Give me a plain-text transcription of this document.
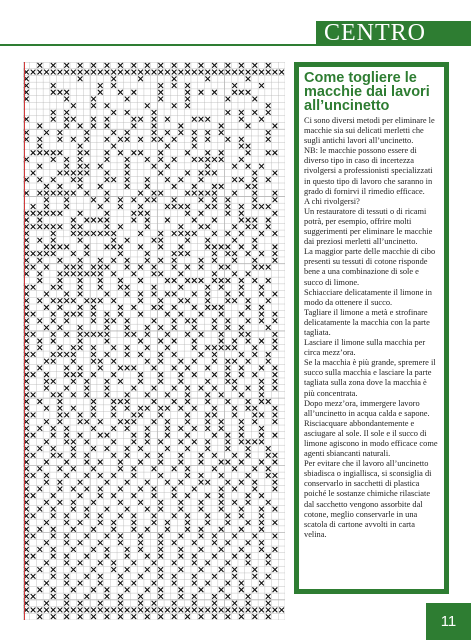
CENTRO
Come togliere le macchie dai lavori all’uncinetto

Ci sono diversi metodi per eliminare le macchie sia sui delicati merletti che sugli antichi lavori all’uncinetto.

NB: le macchie possono essere di diverso tipo in caso di incertezza rivolgersi a professionisti specializzati in questo tipo di lavoro che saranno in grado di fornirvi il rimedio efficace.

A chi rivolgersi?

Un restauratore di tessuti o di ricami potrà, per esempio, offrire molti suggerimenti per eliminare le macchie dai preziosi merletti all’uncinetto.

La maggior parte delle macchie di cibo presenti su tessuti di cotone risponde bene a una combinazione di sole e succo di limone.

Schiacciare delicatamente il limone in modo da ottenere il succo.

Tagliare il limone a metà e strofinare delicatamente la macchia con la parte tagliata.

Lasciare il limone sulla macchia per circa mezz’ora.

Se la macchia è più grande, spremere il succo sulla macchia e lasciare la parte tagliata sulla zona dove la macchia è più concentrata.

Dopo mezz’ora, immergere lavoro all’uncinetto in acqua calda e sapone.

Risciacquare abbondantemente e asciugare al sole. Il sole e il succo di limone agiscono in modo efficace come agenti sbiancanti naturali.

Per evitare che il lavoro all’uncinetto sbiadisca o ingiallisca, si sconsiglia di conservarlo in sacchetti di plastica poiché le sostanze chimiche rilasciate dal sacchetto vengono assorbite dal cotone, meglio conservarle in una scatola di cartone avvolti in carta velina.

11
